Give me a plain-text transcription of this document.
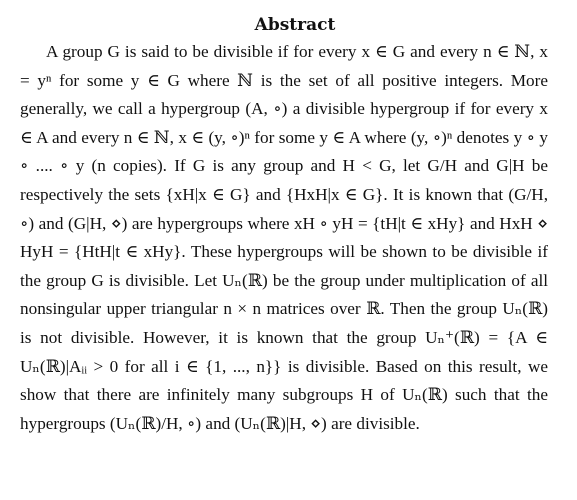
Abstract

A group G is said to be divisible if for every x ∈ G and every n ∈ ℕ, x = yⁿ for some y ∈ G where ℕ is the set of all positive integers. More generally, we call a hypergroup (A, ∘) a divisible hypergroup if for every x ∈ A and every n ∈ ℕ, x ∈ (y, ∘)ⁿ for some y ∈ A where (y, ∘)ⁿ denotes y ∘ y ∘ .... ∘ y (n copies). If G is any group and H < G, let G/H and G|H be respectively the sets {xH|x ∈ G} and {HxH|x ∈ G}. It is known that (G/H, ∘) and (G|H, ⋄) are hypergroups where xH ∘ yH = {tH|t ∈ xHy} and HxH ⋄ HyH = {HtH|t ∈ xHy}. These hypergroups will be shown to be divisible if the group G is divisible. Let Uₙ(ℝ) be the group under multiplication of all nonsingular upper triangular n × n matrices over ℝ. Then the group Uₙ(ℝ) is not divisible. However, it is known that the group Uₙ⁺(ℝ) = {A ∈ Uₙ(ℝ)|Aᵢᵢ > 0 for all i ∈ {1, ..., n}} is divisible. Based on this result, we show that there are infinitely many subgroups H of Uₙ(ℝ) such that the hypergroups (Uₙ(ℝ)/H, ∘) and (Uₙ(ℝ)|H, ⋄) are divisible.
